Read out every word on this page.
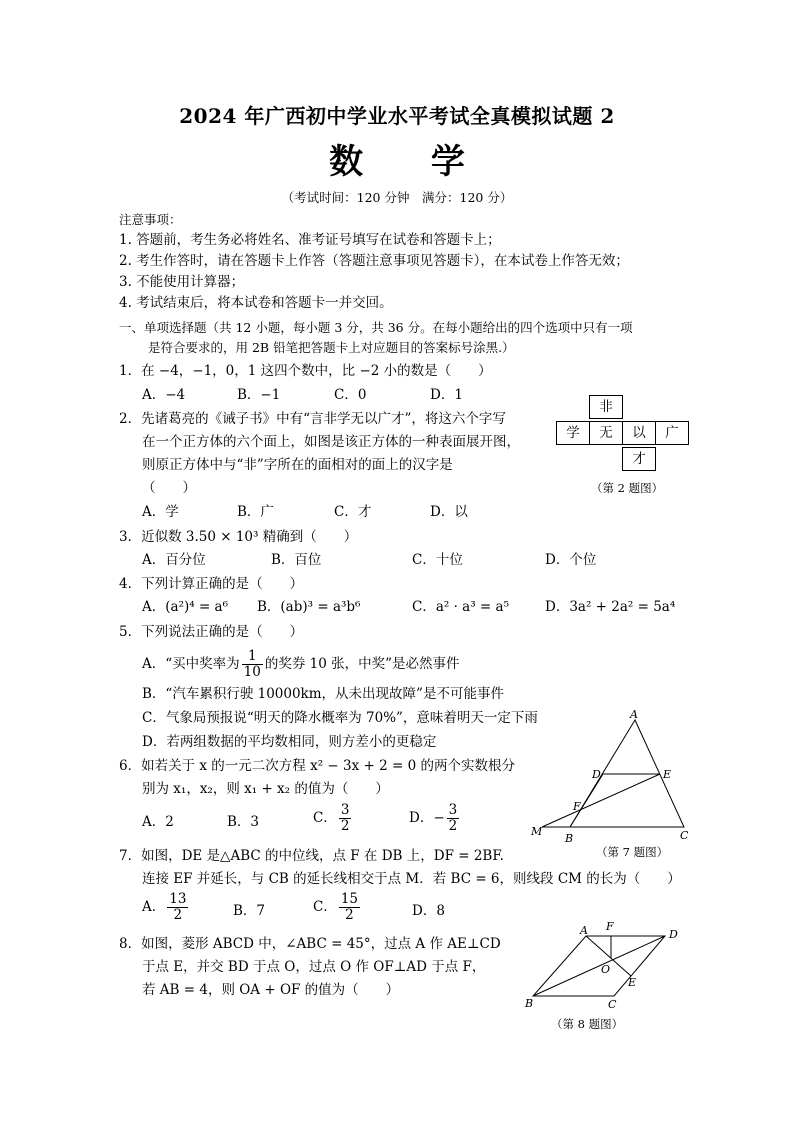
2024 年广西初中学业水平考试全真模拟试题 2
数 学
（考试时间：120 分钟　满分：120 分）
注意事项：
1. 答题前，考生务必将姓名、准考证号填写在试卷和答题卡上；
2. 考生作答时，请在答题卡上作答（答题注意事项见答题卡），在本试卷上作答无效；
3. 不能使用计算器；
4. 考试结束后，将本试卷和答题卡一并交回。
一、单项选择题（共 12 小题，每小题 3 分，共 36 分。在每小题给出的四个选项中只有一项
是符合要求的，用 2B 铅笔把答题卡上对应题目的答案标号涂黑.）
1．在 −4，−1，0，1 这四个数中，比 −2 小的数是（　　）
A．−4	B．−1	C．0	D．1
2．先诸葛亮的《诫子书》中有“言非学无以广才”，将这六个字写
在一个正方体的六个面上，如图是该正方体的一种表面展开图，
则原正方体中与“非”字所在的面相对的面上的汉字是
（　　）
A．学	B．广	C．才	D．以
非
学	无	以	广
才
（第 2 题图）
3．近似数 3.50 × 10³ 精确到（　　）
A．百分位	B．百位	C．十位	D．个位
4．下列计算正确的是（　　）
A．(a²)⁴ = a⁶ B．(ab)³ = a³b⁶	C．a² · a³ = a⁵	D．3a² + 2a² = 5a⁴
5．下列说法正确的是（　　）
A．“买中奖率为 $\frac{1}{10}$ 的奖券 10 张，中奖”是必然事件
B．“汽车累积行驶 10000km，从未出现故障”是不可能事件
C．气象局预报说“明天的降水概率为 70%”，意味着明天一定下雨
D．若两组数据的平均数相同，则方差小的更稳定
6．如若关于 x 的一元二次方程 x² − 3x + 2 = 0 的两个实数根分
别为 x₁，x₂，则 x₁ + x₂ 的值为（　　）
A．2	B．3	C． $\frac{3}{2}$	D．− $\frac{3}{2}$
A
D	E
F
M
B	C
（第 7 题图）
7．如图，DE 是△ABC 的中位线，点 F 在 DB 上，DF = 2BF.
连接 EF 并延长，与 CB 的延长线相交于点 M．若 BC = 6，则线段 CM 的长为（　　）
A． $\frac{13}{2}$	B．7	C． $\frac{15}{2}$	D．8
8．如图，菱形 ABCD 中，∠ABC = 45°，过点 A 作 AE⊥CD
于点 E，并交 BD 于点 O，过点 O 作 OF⊥AD 于点 F，
若 AB = 4，则 OA + OF 的值为（　　）
A F
D
O
E
B	C
（第 8 题图）
